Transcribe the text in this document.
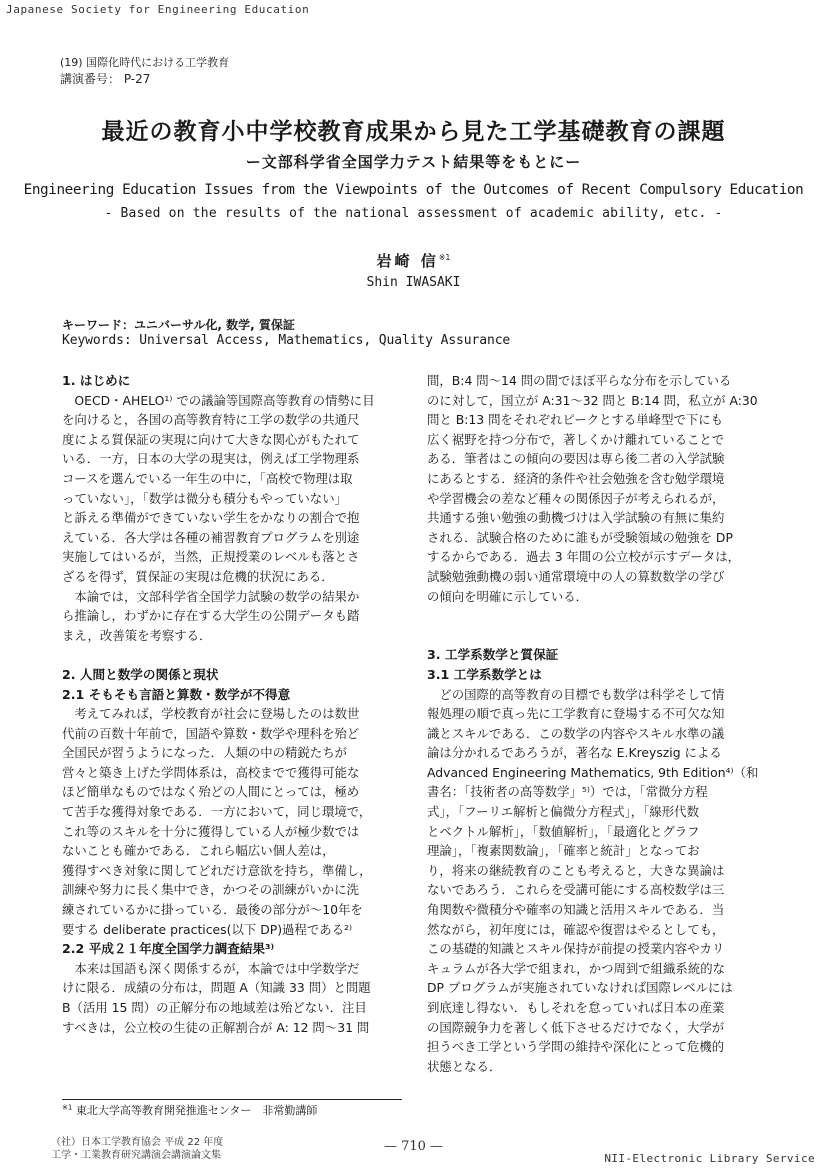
Japanese Society for Engineering Education
(19) 国際化時代における工学教育
講演番号： P-27
最近の教育小中学校教育成果から見た工学基礎教育の課題
ー文部科学省全国学力テスト結果等をもとにー
Engineering Education Issues from the Viewpoints of the Outcomes of Recent Compulsory Education
- Based on the results of the national assessment of academic ability, etc. -
岩崎 信$^{※1}$
Shin IWASAKI
キーワード：ユニバーサル化, 数学, 質保証
Keywords: Universal Access, Mathematics, Quality Assurance
1. はじめに
　OECD・AHELO¹⁾ での議論等国際高等教育の情勢に目
を向けると，各国の高等教育特に工学の数学の共通尺
度による質保証の実現に向けて大きな関心がもたれて
いる．一方，日本の大学の現実は，例えば工学物理系
コースを選んでいる一年生の中に，「高校で物理は取
っていない」，「数学は微分も積分もやっていない」
と訴える準備ができていない学生をかなりの割合で抱
えている．各大学は各種の補習教育プログラムを別途
実施してはいるが，当然，正規授業のレベルも落とさ
ざるを得ず，質保証の実現は危機的状況にある．
　本論では，文部科学省全国学力試験の数学の結果か
ら推論し，わずかに存在する大学生の公開データも踏
まえ，改善策を考察する．
2. 人間と数学の関係と現状
2.1 そもそも言語と算数・数学が不得意
　考えてみれば，学校教育が社会に登場したのは数世
代前の百数十年前で，国語や算数・数学や理科を殆ど
全国民が習うようになった．人類の中の精鋭たちが
営々と築き上げた学問体系は，高校までで獲得可能な
ほど簡単なものではなく殆どの人間にとっては，極め
て苦手な獲得対象である．一方において，同じ環境で，
これ等のスキルを十分に獲得している人が極少数では
ないことも確かである．これら幅広い個人差は，
獲得すべき対象に関してどれだけ意欲を持ち，準備し，
訓練や努力に長く集中でき，かつその訓練がいかに洗
練されているかに掛っている．最後の部分が～10年を
要する deliberate practices(以下 DP)過程である²⁾
2.2 平成２１年度全国学力調査結果³⁾
　本来は国語も深く関係するが，本論では中学数学だ
けに限る．成績の分布は，問題 A（知識 33 問）と問題
B（活用 15 問）の正解分布の地域差は殆どない．注目
すべきは，公立校の生徒の正解割合が A: 12 問～31 問
間，B:4 問～14 問の間でほぼ平らな分布を示している
のに対して，国立が A:31～32 問と B:14 問，私立が A:30
問と B:13 問をそれぞれピークとする単峰型で下にも
広く裾野を持つ分布で，著しくかけ離れていることで
ある．筆者はこの傾向の要因は専ら後二者の入学試験
にあるとする．経済的条件や社会勉強を含む勉学環境
や学習機会の差など種々の関係因子が考えられるが，
共通する強い勉強の動機づけは入学試験の有無に集約
される．試験合格のために誰もが受験領域の勉強を DP
するからである．過去 3 年間の公立校が示すデータは，
試験勉強動機の弱い通常環境中の人の算数数学の学び
の傾向を明確に示している．
3. 工学系数学と質保証
3.1 工学系数学とは
　どの国際的高等教育の目標でも数学は科学そして情
報処理の順で真っ先に工学教育に登場する不可欠な知
識とスキルである．この数学の内容やスキル水準の議
論は分かれるであろうが，著名な E.Kreyszig による
Advanced Engineering Mathematics, 9th Edition⁴⁾（和
書名：「技術者の高等数学」⁵⁾）では，「常微分方程
式」，「フーリエ解析と偏微分方程式」，「線形代数
とベクトル解析」，「数値解析」，「最適化とグラフ
理論」，「複素関数論」，「確率と統計」となってお
り，将来の継続教育のことも考えると，大きな異論は
ないであろう．これらを受講可能にする高校数学は三
角関数や微積分や確率の知識と活用スキルである．当
然ながら，初年度には，確認や復習はやるとしても，
この基礎的知識とスキル保持が前提の授業内容やカリ
キュラムが各大学で組まれ，かつ周到で組織系統的な
DP プログラムが実施されていなければ国際レベルには
到底達し得ない．もしそれを怠っていれば日本の産業
の国際競争力を著しく低下させるだけでなく，大学が
担うべき工学という学問の維持や深化にとって危機的
状態となる．
$^{※1}$ 東北大学高等教育開発推進センター　非常勤講師
（社）日本工学教育協会 平成 22 年度
工学・工業教育研究講演会講演論文集
— 710 —
NII-Electronic Library Service
